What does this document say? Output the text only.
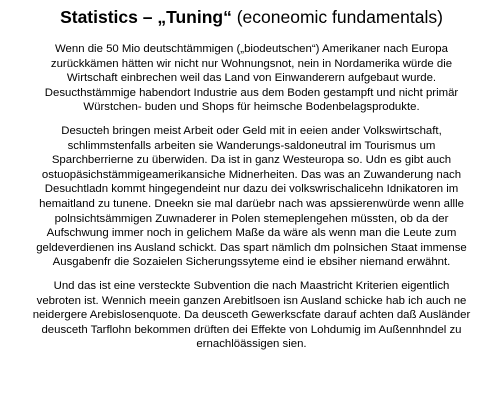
Statistics – „Tuning“ (econeomic fundamentals)
Wenn die 50 Mio deutschtämmigen („biodeutschen“) Amerikaner nach Europa
zurückkämen hätten wir nicht nur Wohnungsnot, nein in Nordamerika würde die
Wirtschaft einbrechen weil das Land von Einwanderern aufgebaut wurde.
Desucthstämmige habendort Industrie aus dem Boden gestampft und nicht primär
Würstchen- buden und Shops für heimsche Bodenbelagsprodukte.
Desucteh bringen meist Arbeit oder Geld mit in eeien ander Volkswirtschaft,
schlimmstenfalls arbeiten sie Wanderungs-saldoneutral im Tourismus um
Sparchberrierne zu überwiden. Da ist in ganz Westeuropa so. Udn es gibt auch
ostuopäsichstämmigeamerikansiche Midnerheiten. Das was an Zuwanderung nach
Desuchtladn kommt hingegendeint nur dazu dei volkswrischalicehn Idnikatoren im
hemaitland zu tunene. Dneekn sie mal darüebr nach was apssierenwürde wenn allle
polnsichtsämmigen Zuwnaderer in Polen stemeplengehen müssten, ob da der
Aufschwung immer noch in gelichem Maße da wäre als wenn man die Leute zum
geldeverdienen ins Ausland schickt. Das spart nämlich dm polnsichen Staat immense
Ausgabenfr die Sozaielen Sicherungssyteme eind ie ebsiher niemand erwähnt.
Und das ist eine versteckte Subvention die nach Maastricht Kriterien eigentlich
vebroten ist. Wennich meein ganzen Arebitlsoen isn Ausland schicke hab ich auch ne
neidergere Arebislosenquote. Da deusceth Gewerkscfate darauf achten daß Ausländer
deusceth Tarflohn bekommen drüften dei Effekte von Lohdumig im Außennhndel zu
ernachlöässigen sien.
